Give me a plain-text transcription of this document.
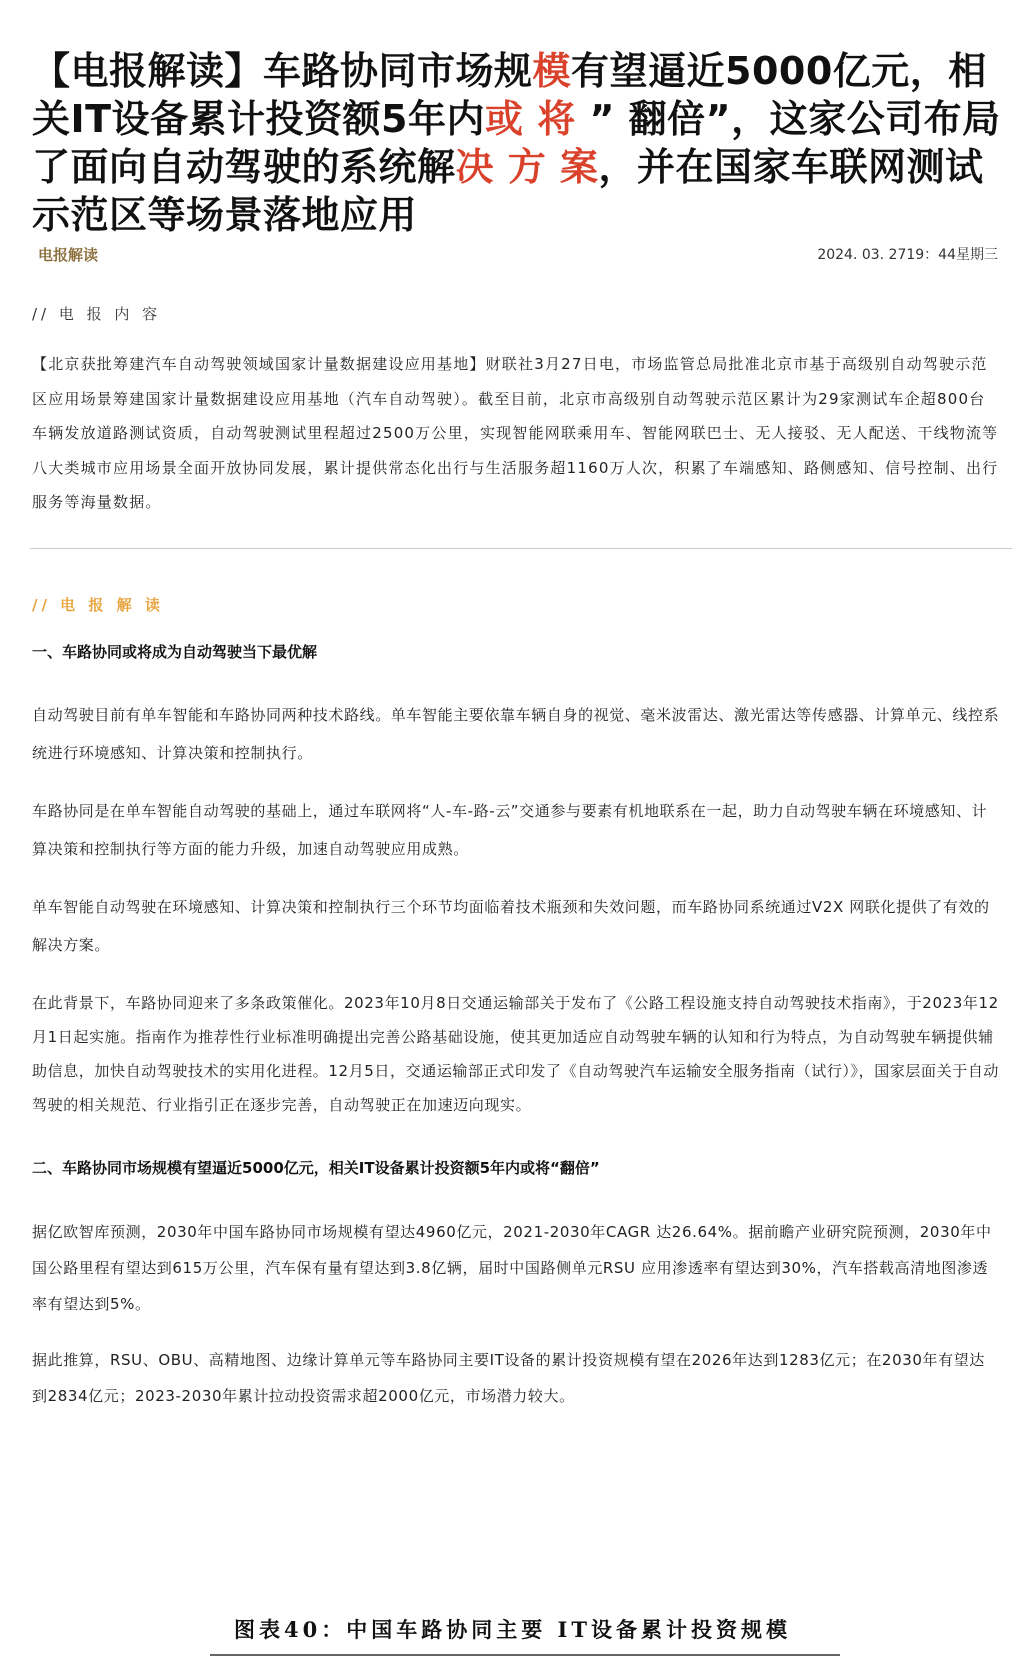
【电报解读】车路协同市场规模有望逼近5000亿元，相关IT设备累计投资额5年内或 将 ” 翻倍”，这家公司布局了面向自动驾驶的系统解决 方 案，并在国家车联网测试示范区等场景落地应用
电报解读	2024. 03. 2719：44星期三
// 电 报 内 容

【北京获批筹建汽车自动驾驶领域国家计量数据建设应用基地】财联社3月27日电，市场监管总局批准北京市基于高级别自动驾驶示范区应用场景筹建国家计量数据建设应用基地（汽车自动驾驶）。截至目前，北京市高级别自动驾驶示范区累计为29家测试车企超800台车辆发放道路测试资质，自动驾驶测试里程超过2500万公里，实现智能网联乘用车、智能网联巴士、无人接驳、无人配送、干线物流等八大类城市应用场景全面开放协同发展，累计提供常态化出行与生活服务超1160万人次，积累了车端感知、路侧感知、信号控制、出行服务等海量数据。

// 电 报 解 读
一、车路协同或将成为自动驾驶当下最优解

自动驾驶目前有单车智能和车路协同两种技术路线。单车智能主要依靠车辆自身的视觉、毫米波雷达、激光雷达等传感器、计算单元、线控系统进行环境感知、计算决策和控制执行。

车路协同是在单车智能自动驾驶的基础上，通过车联网将“人-车-路-云”交通参与要素有机地联系在一起，助力自动驾驶车辆在环境感知、计算决策和控制执行等方面的能力升级，加速自动驾驶应用成熟。

单车智能自动驾驶在环境感知、计算决策和控制执行三个环节均面临着技术瓶颈和失效问题，而车路协同系统通过V2X 网联化提供了有效的解决方案。

在此背景下，车路协同迎来了多条政策催化。2023年10月8日交通运输部关于发布了《公路工程设施支持自动驾驶技术指南》，于2023年12月1日起实施。指南作为推荐性行业标准明确提出完善公路基础设施，使其更加适应自动驾驶车辆的认知和行为特点，为自动驾驶车辆提供辅助信息，加快自动驾驶技术的实用化进程。12月5日，交通运输部正式印发了《自动驾驶汽车运输安全服务指南（试行）》，国家层面关于自动驾驶的相关规范、行业指引正在逐步完善，自动驾驶正在加速迈向现实。

二、车路协同市场规模有望逼近5000亿元，相关IT设备累计投资额5年内或将“翻倍”

据亿欧智库预测，2030年中国车路协同市场规模有望达4960亿元，2021-2030年CAGR 达26.64%。据前瞻产业研究院预测，2030年中国公路里程有望达到615万公里，汽车保有量有望达到3.8亿辆，届时中国路侧单元RSU 应用渗透率有望达到30%，汽车搭载高清地图渗透率有望达到5%。

据此推算，RSU、OBU、高精地图、边缘计算单元等车路协同主要IT设备的累计投资规模有望在2026年达到1283亿元；在2030年有望达到2834亿元；2023-2030年累计拉动投资需求超2000亿元，市场潜力较大。

图表40：中国车路协同主要 IT设备累计投资规模
